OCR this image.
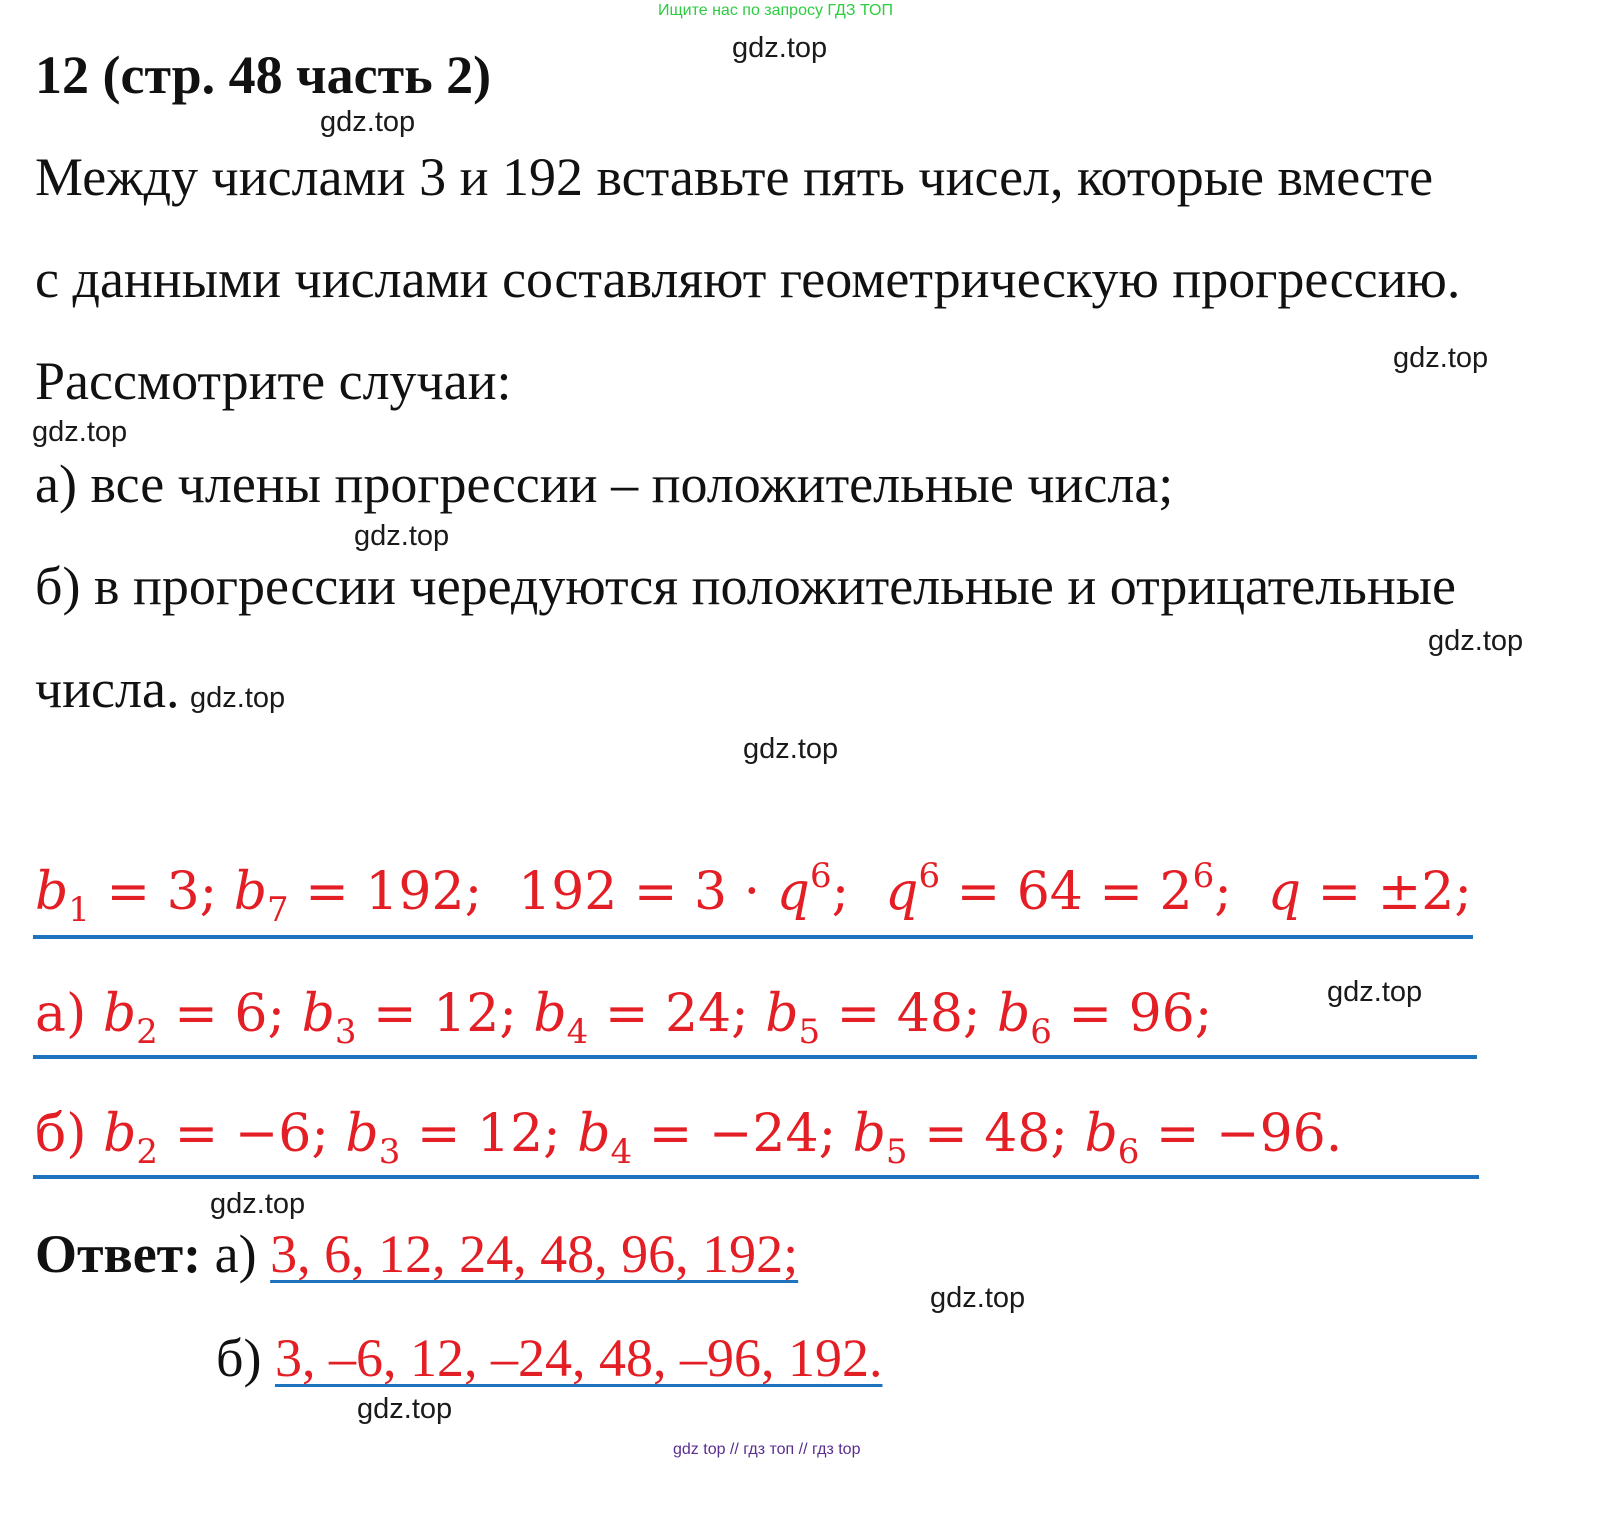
Ищите нас по запросу ГДЗ ТОП
gdz.top
gdz.top
gdz.top
gdz.top
gdz.top
gdz.top
gdz.top
gdz.top
gdz.top
gdz.top
gdz.top
gdz.top
12 (стр. 48 часть 2)
Между числами 3 и 192 вставьте пять чисел, которые вместе
с данными числами составляют геометрическую прогрессию.
Рассмотрите случаи:
а) все члены прогрессии – положительные числа;
б) в прогрессии чередуются положительные и отрицательные
числа.
$b_1 = 3$; $b_7 = 192$; $192 = 3 \cdot q^6$; $q^6 = 64 = 2^6$; q = ±2;
а) $b_2 = 6$; $b_3 = 12$; $b_4 = 24$; $b_5 = 48$; $b_6 = 96$;
б) $b_2 = -6$; $b_3 = 12$; $b_4 = -24$; $b_5 = 48$; $b_6 = -96$.
Ответ: а) 3, 6, 12, 24, 48, 96, 192;
б) 3, –6, 12, –24, 48, –96, 192.
gdz top // гдз топ // гдз top
